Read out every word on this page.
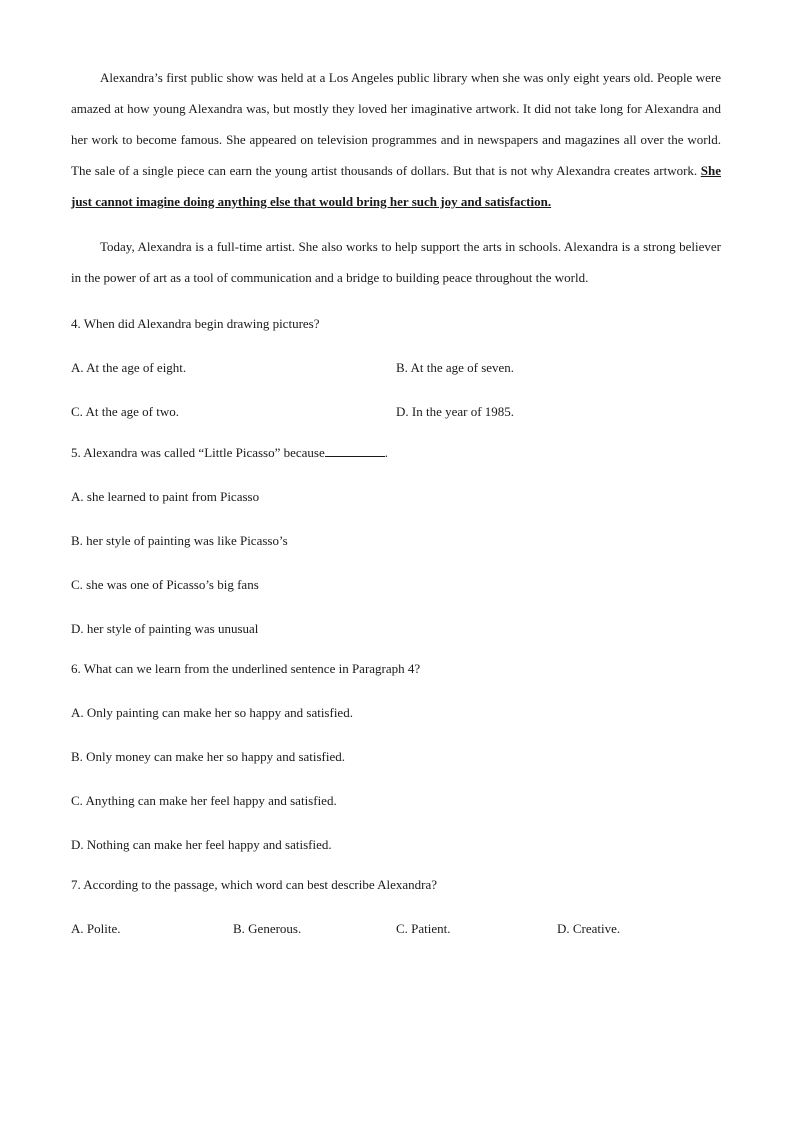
Alexandra’s first public show was held at a Los Angeles public library when she was only eight years old. People were amazed at how young Alexandra was, but mostly they loved her imaginative artwork. It did not take long for Alexandra and her work to become famous. She appeared on television programmes and in newspapers and magazines all over the world. The sale of a single piece can earn the young artist thousands of dollars. But that is not why Alexandra creates artwork. She just cannot imagine doing anything else that would bring her such joy and satisfaction.

Today, Alexandra is a full-time artist. She also works to help support the arts in schools. Alexandra is a strong believer in the power of art as a tool of communication and a bridge to building peace throughout the world.

4. When did Alexandra begin drawing pictures?

A. At the age of eight.	B. At the age of seven.
C. At the age of two.	D. In the year of 1985.

5. Alexandra was called “Little Picasso” because	.

A. she learned to paint from Picasso
B. her style of painting was like Picasso’s
C. she was one of Picasso’s big fans
D. her style of painting was unusual

6. What can we learn from the underlined sentence in Paragraph 4?

A. Only painting can make her so happy and satisfied.
B. Only money can make her so happy and satisfied.
C. Anything can make her feel happy and satisfied.
D. Nothing can make her feel happy and satisfied.

7. According to the passage, which word can best describe Alexandra?

A. Polite.	B. Generous.	C. Patient.	D. Creative.
